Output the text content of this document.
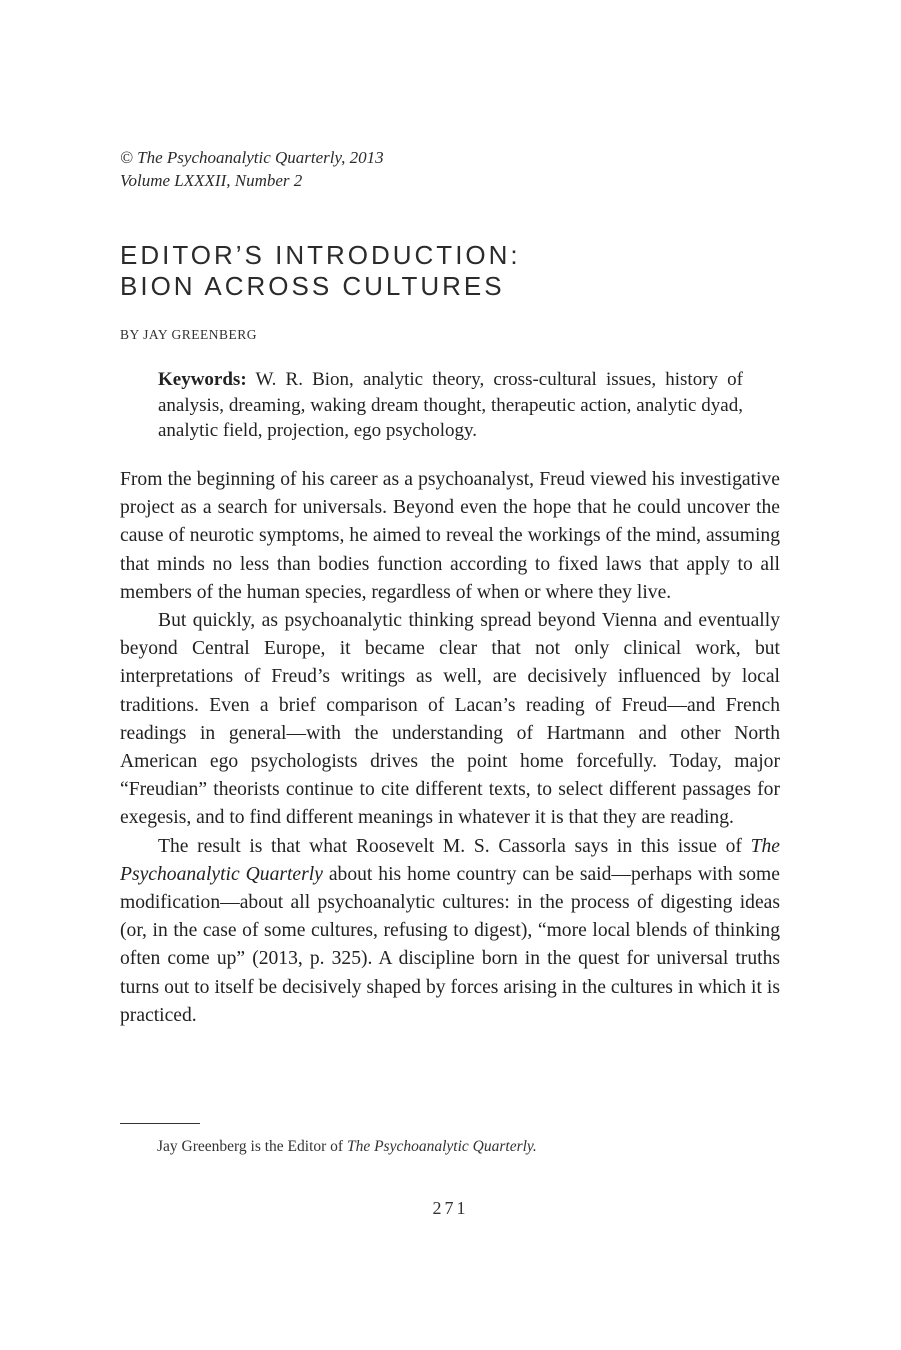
© The Psychoanalytic Quarterly, 2013
Volume LXXXII, Number 2
EDITOR’S INTRODUCTION:
BION ACROSS CULTURES
BY JAY GREENBERG
Keywords: W. R. Bion, analytic theory, cross-cultural issues, history of analysis, dreaming, waking dream thought, therapeutic action, analytic dyad, analytic field, projection, ego psychology.

From the beginning of his career as a psychoanalyst, Freud viewed his investigative project as a search for universals. Beyond even the hope that he could uncover the cause of neurotic symptoms, he aimed to reveal the workings of the mind, assuming that minds no less than bodies function according to fixed laws that apply to all members of the human species, regardless of when or where they live.

But quickly, as psychoanalytic thinking spread beyond Vienna and eventually beyond Central Europe, it became clear that not only clinical work, but interpretations of Freud’s writings as well, are decisively influenced by local traditions. Even a brief comparison of Lacan’s reading of Freud—and French readings in general—with the understanding of Hartmann and other North American ego psychologists drives the point home forcefully. Today, major “Freudian” theorists continue to cite different texts, to select different passages for exegesis, and to find different meanings in whatever it is that they are reading.

The result is that what Roosevelt M. S. Cassorla says in this issue of The Psychoanalytic Quarterly about his home country can be said—perhaps with some modification—about all psychoanalytic cultures: in the process of digesting ideas (or, in the case of some cultures, refusing to digest), “more local blends of thinking often come up” (2013, p. 325). A discipline born in the quest for universal truths turns out to itself be decisively shaped by forces arising in the cultures in which it is practiced.

Jay Greenberg is the Editor of The Psychoanalytic Quarterly.
271
